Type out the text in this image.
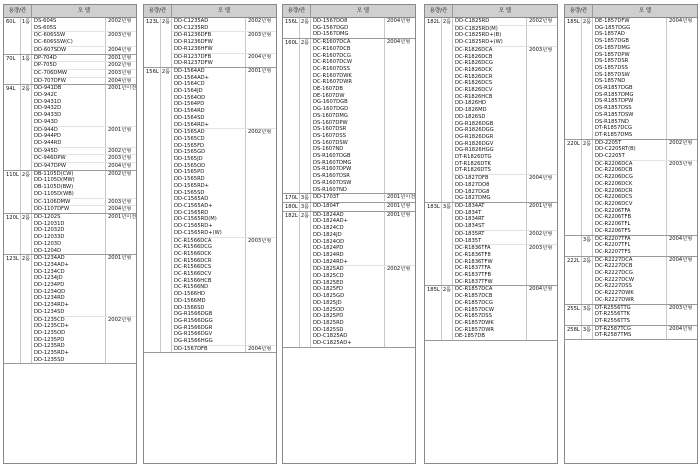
용량/칸	모 델
60L	1룸 DS-604S
DS-605S
2002년형
DC-606SSW
DC-606SSW(C)
2003년형
DD-607SDW	2004년형
70L	1룸 DP-704D	2001년형
DP-705D	2002년형
DC-706DMW	2003년형
DD-707DFW	2004년형
94L	2룸 DD-941DB
DD-942C
DD-9431D
DD-9432D
DD-9433D
DD-943D
2001년이전
DD-944D
DD-944PD
DD-944RD
2001년형
DD-945D	2002년형
DC-946DPW	2003년형
DD-947DPW	2004년형
110L 2룸 DB-1105D(CW)
DD-1105D(MW)
DB-1105D(BW)
DD-1105D(WB)
2002년형
DC-1106DMW	2003년형
DD-1107DFW	2004년형
120L 2룸 DD-1202S
DD-12031D
DD-12032D
DD-12033D
DD-1203D
DD-1204D
2001년이전
123L 2룸 DD-1234AD
DD-1234AD+
DD-1234CD
DD-1234JD
DD-1234PD
DD-1234QD
DD-1234RD
DD-1234RD+
DD-1234SD
2001년형
DD-1235CD
DD-1235CD+
DD-1235OD
DD-1235PD
DD-1235RD
DD-1235RD+
DD-1235SD
2002년형
용량/칸	모 델
123L 2룸 DD-C1235AD
DD-C1235RD
2002년형
DD-R1236DFB
DD-R1236DFW
DD-R1236HFW
2003년형
DD-R1237DFB
DD-R1237DFW
2004년형
156L 2룸 DD-1564AD
DD-1564AD+
DD-1564CD
DD-1564JD
DD-1564OD
DD-1564PD
DD-1564RD
DD-1564SD
DD-1564RD+
2001년형
DD-1565AD
DD-1565CD
DD-1565FD
DD-1565GD
DD-1565JD
DD-1565OD
DD-1565PD
DD-1565RD
DD-1565RD+
DD-1565SD
DD-C1565AD
DD-C1565AD+
DD-C1565RD
DD-C1565RD(M)
DD-C1565RD+
DD-C1565RD+(W)
2002년형
DC-R1566DCA
DC-R1566DCG
DC-R1566DCK
DC-R1566DCR
DC-R1566DCS
DC-R1566DCV
DC-R1566HCB
DC-R1566ND
DD-1566HD
DD-1566MD
DD-1566SD
DG-R1566DGB
DG-R1566DGG
DG-R1566DGR
DG-R1566DGV
DG-R1566HGG
2003년형
DD-1567DFB	2004년형
용량/칸	모 델
156L 2룸 DD-1567DO8
DG-1567DGD
DD-1567DMG
2004년형
160L 2룸 DC-R1607DCA
DC-R1607DCB
DC-R1607DCG
DC-R1607DCW
DC-R1607DSS
DC-R1607DWK
DC-R1607DWR
DE-1607DB
DE-1607DW
DG-1607DGB
DG-1607DGD
DS-1607DMG
DS-1607DPW
DS-1607DSR
DS-1607DSS
DS-1607DSW
DS-1607ND
DS-R1607DGB
DS-R1607DMG
DS-R1607DPW
DS-R1607DSR
DS-R1607DSW
DS-R1607ND
2004년형
170L 3룸 DD-1703T	2001년이전
180L 3룸 DD-1804T	2001년형
182L 2룸 DD-1824AD
DD-1824AD+
DD-1824CD
DD-1824JD
DD-1824OD
DD-1824PD
DD-1824RD
DD-1824RD+
2001년형
DD-1825AD
DD-1825CD
DD-1825ED
DD-1825FD
DD-1825GD
DD-1825JD
DD-1825OD
DD-1825PD
DD-1825RD
DD-1825SD
DD-C1825AD
DD-C1825AD+
2002년형
용량/칸	모 델
182L 2룸 DD-C1825RD	2002년형
DD-C1825RD(M)
DD-C1825RD+(B)
DD-C1825RD+(W)
DC-R1826DCA
DC-R1826DCB
DC-R1826DCG
DC-R1826DCK
DC-R1826DCR
DC-R1826DCS
DC-R1826DCV
DC-R1826HCB
DD-1826HD
DD-1826MD
DD-1826SD
DG-R1826DGB
DG-R1826DGG
DG-R1826DGR
DG-R1826DGV
DG-R1826HGG
DT-R1826DTG
DT-R1826DTK
DT-R1826DTS
2003년형
DD-1827DFB
DD-1827DO8
DD-1827DG8
DG-1827DMG
2004년형
183L 3룸 DD-1834AT
DD-1834T
DD-1834RT
DD-1834ST
2001년형
DD-1835RT
DD-1835T
2002년형
DC-R1836TFA
DC-R1836TF8
DC-R1836TFW
DC-R1837TFA
DC-R1837TFB
DC-R1837TFW
2003년형
185L 2룸 DC-R1857DCA
DC-R1857DCB
DC-R1857DCG
DC-R1857DCW
DC-R1857DSS
DC-R1857DWK
DC-R1857DWR
DE-1857DB
2004년형
용량/칸	모 델
185L 2룸 DE-1857DFW
DG-1857DGG
DS-1857AD
DS-1857DGB
DS-1857DMG
DS-1857DPW
DS-1857DSR
DS-1857DSS
DS-1857DSW
DS-1857ND
DS-R1857DGB
DS-R1857DMG
DS-R1857DPW
DS-R1857DSS
DS-R1857DSW
DS-R1857ND
DT-R1857DCG
DT-R1857DMS
2004년형
220L 2룸 DD-2205T
DD-C2205RT(B)
DD-C2205T
2002년형
DC-R2206DCA
DC-R2206DCB
DC-R2206DCG
DC-R2206DCK
DC-R2206DCR
DC-R2206DCS
DC-R2206DCV
DC-R2206TFA
DC-R2206TFB
DC-R2206TFL
DC-R2206TFS
2003년형
3룸 DC-R2207TFA
DC-R2207TFL
DC-R2207TFS
2004년형
222L 2룸 DC-R2227DCA
DC-R2227DCB
DC-R2227DCG
DC-R2227DCW
DC-R2227DSS
DC-R2227DWK
DC-R2227DWR
2004년형
255L 3룸 DT-R2556TTG
DT-R2556TTK
DT-R2556TTS
2003년형
258L 3룸 DT-R2587TCG
DT-R2587TMS
2004년형
